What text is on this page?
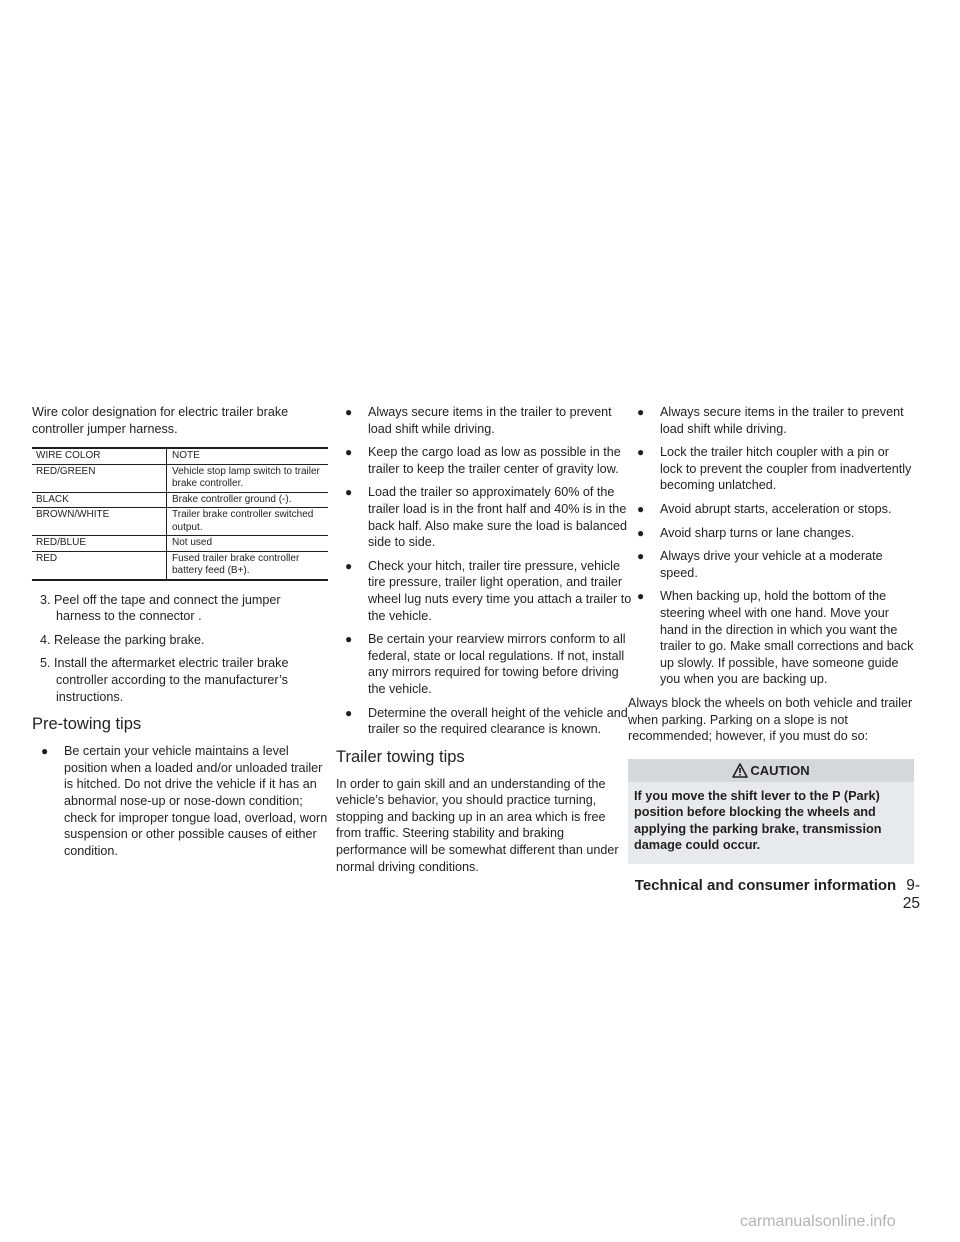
Wire color designation for electric trailer brake controller jumper harness.

WIRE COLOR	NOTE
RED/GREEN	Vehicle stop lamp switch to trailer brake controller.
BLACK	Brake controller ground (-).
BROWN/WHITE	Trailer brake controller switched output.
RED/BLUE	Not used
RED	Fused trailer brake controller battery feed (B+).

3. Peel off the tape and connect the jumper harness to the connector .

4. Release the parking brake.

5. Install the aftermarket electric trailer brake controller according to the manufacturer’s instructions.

Pre-towing tips
● Be certain your vehicle maintains a level position when a loaded and/or unloaded trailer is hitched. Do not drive the vehicle if it has an abnormal nose-up or nose-down condition; check for improper tongue load, overload, worn suspension or other possible causes of either condition.
● Always secure items in the trailer to prevent load shift while driving.
● Keep the cargo load as low as possible in the trailer to keep the trailer center of gravity low.
● Load the trailer so approximately 60% of the trailer load is in the front half and 40% is in the back half. Also make sure the load is balanced side to side.
● Check your hitch, trailer tire pressure, vehicle tire pressure, trailer light operation, and trailer wheel lug nuts every time you attach a trailer to the vehicle.
● Be certain your rearview mirrors conform to all federal, state or local regulations. If not, install any mirrors required for towing before driving the vehicle.
● Determine the overall height of the vehicle and trailer so the required clearance is known.
Trailer towing tips

In order to gain skill and an understanding of the vehicle’s behavior, you should practice turning, stopping and backing up in an area which is free from traffic. Steering stability and braking performance will be somewhat different than under normal driving conditions.

● Always secure items in the trailer to prevent load shift while driving.
● Lock the trailer hitch coupler with a pin or lock to prevent the coupler from inadvertently becoming unlatched.
● Avoid abrupt starts, acceleration or stops.
● Avoid sharp turns or lane changes.
● Always drive your vehicle at a moderate speed.
● When backing up, hold the bottom of the steering wheel with one hand. Move your hand in the direction in which you want the trailer to go. Make small corrections and back up slowly. If possible, have someone guide you when you are backing up.

Always block the wheels on both vehicle and trailer when parking. Parking on a slope is not recommended; however, if you must do so:

CAUTION
If you move the shift lever to the P (Park) position before blocking the wheels and applying the parking brake, transmission damage could occur.
Technical and consumer information 9-25
carmanualsonline.info
